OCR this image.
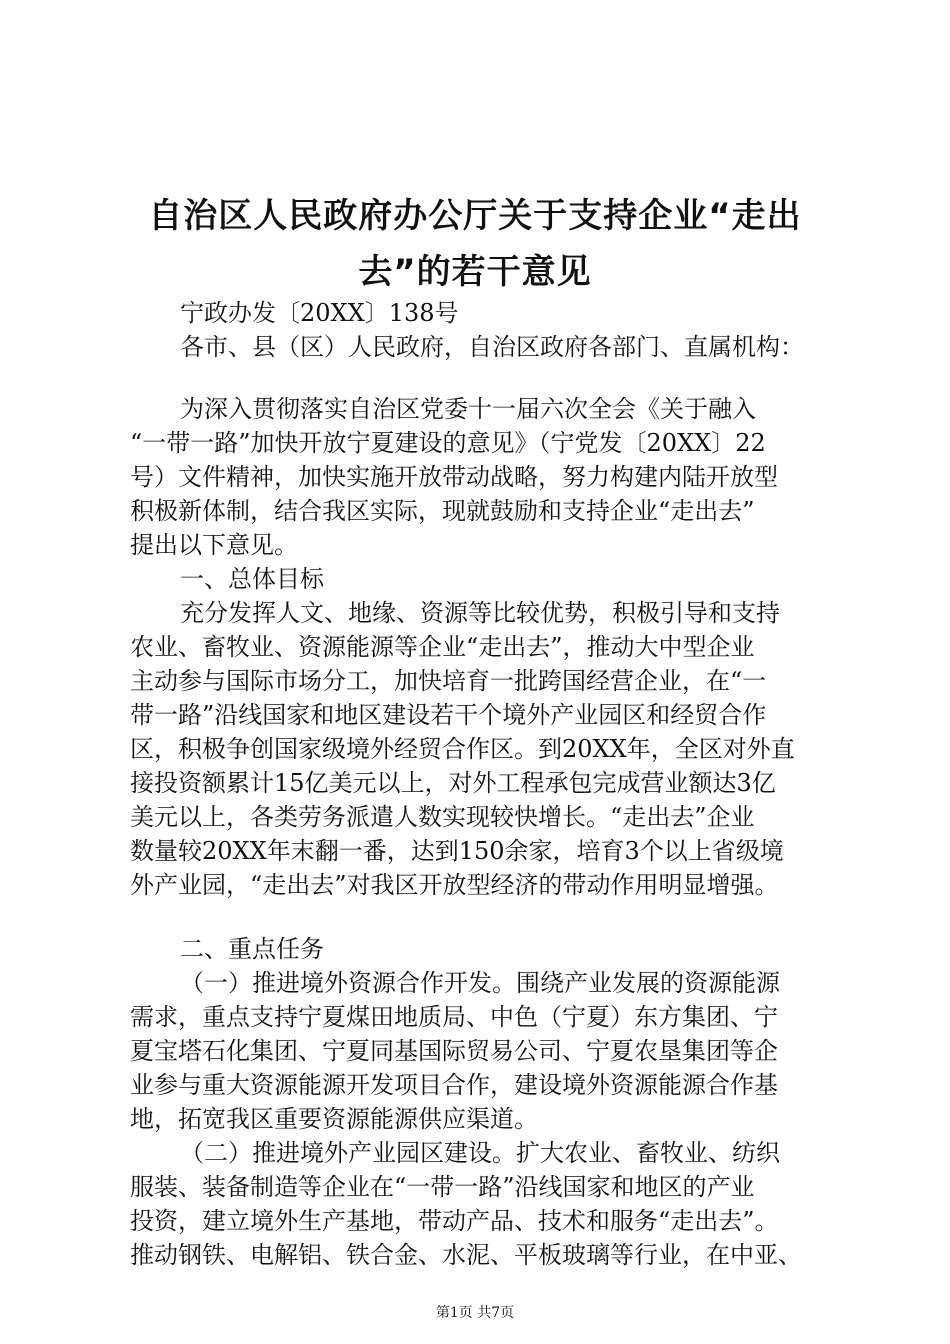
自治区人民政府办公厅关于支持企业“走出
去”的若干意见

宁政办发〔20XX〕138号

各市、县（区）人民政府，自治区政府各部门、直属机构：

为深入贯彻落实自治区党委十一届六次全会《关于融入

“一带一路”加快开放宁夏建设的意见》（宁党发〔20XX〕22

号）文件精神，加快实施开放带动战略，努力构建内陆开放型

积极新体制，结合我区实际，现就鼓励和支持企业“走出去”

提出以下意见。

一、总体目标

充分发挥人文、地缘、资源等比较优势，积极引导和支持

农业、畜牧业、资源能源等企业“走出去”，推动大中型企业

主动参与国际市场分工，加快培育一批跨国经营企业，在“一

带一路”沿线国家和地区建设若干个境外产业园区和经贸合作

区，积极争创国家级境外经贸合作区。到20XX年，全区对外直

接投资额累计15亿美元以上，对外工程承包完成营业额达3亿

美元以上，各类劳务派遣人数实现较快增长。“走出去”企业

数量较20XX年末翻一番，达到150余家，培育3个以上省级境

外产业园，“走出去”对我区开放型经济的带动作用明显增强。

二、重点任务

（一）推进境外资源合作开发。围绕产业发展的资源能源

需求，重点支持宁夏煤田地质局、中色（宁夏）东方集团、宁

夏宝塔石化集团、宁夏同基国际贸易公司、宁夏农垦集团等企

业参与重大资源能源开发项目合作，建设境外资源能源合作基

地，拓宽我区重要资源能源供应渠道。

（二）推进境外产业园区建设。扩大农业、畜牧业、纺织

服装、装备制造等企业在“一带一路”沿线国家和地区的产业

投资，建立境外生产基地，带动产品、技术和服务“走出去”。

推动钢铁、电解铝、铁合金、水泥、平板玻璃等行业，在中亚、

第1页 共7页
